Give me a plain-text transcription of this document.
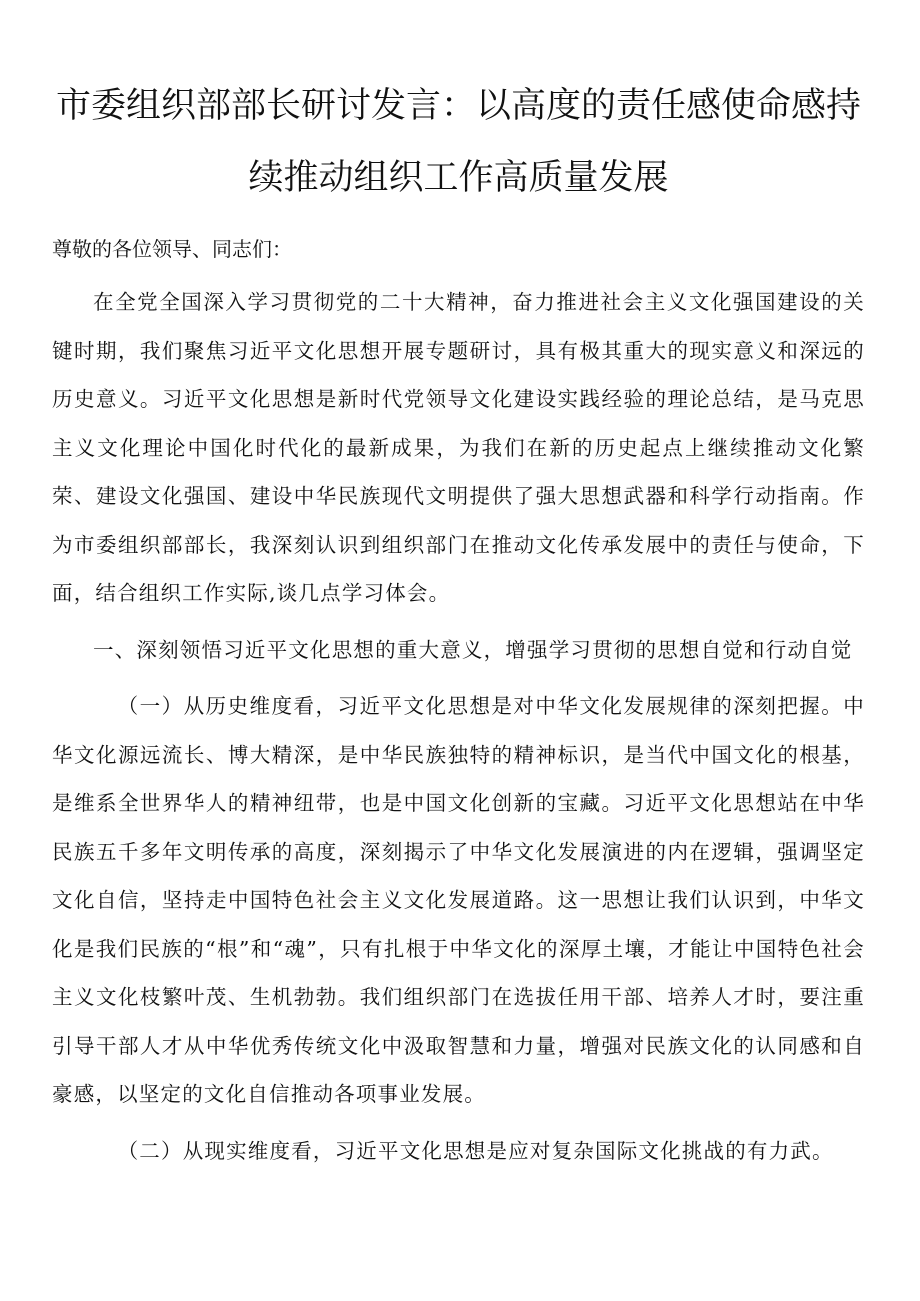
市委组织部部长研讨发言：以高度的责任感使命感持
续推动组织工作高质量发展

尊敬的各位领导、同志们：

在全党全国深入学习贯彻党的二十大精神，奋力推进社会主义文化强国建设的关键时期，我们聚焦习近平文化思想开展专题研讨，具有极其重大的现实意义和深远的历史意义。习近平文化思想是新时代党领导文化建设实践经验的理论总结，是马克思主义文化理论中国化时代化的最新成果，为我们在新的历史起点上继续推动文化繁荣、建设文化强国、建设中华民族现代文明提供了强大思想武器和科学行动指南。作为市委组织部部长，我深刻认识到组织部门在推动文化传承发展中的责任与使命，下面，结合组织工作实际,谈几点学习体会。

一、深刻领悟习近平文化思想的重大意义，增强学习贯彻的思想自觉和行动自觉

（一）从历史维度看，习近平文化思想是对中华文化发展规律的深刻把握。中华文化源远流长、博大精深，是中华民族独特的精神标识，是当代中国文化的根基，是维系全世界华人的精神纽带，也是中国文化创新的宝藏。习近平文化思想站在中华民族五千多年文明传承的高度，深刻揭示了中华文化发展演进的内在逻辑，强调坚定文化自信，坚持走中国特色社会主义文化发展道路。这一思想让我们认识到，中华文化是我们民族的“根”和“魂”，只有扎根于中华文化的深厚土壤，才能让中国特色社会主义文化枝繁叶茂、生机勃勃。我们组织部门在选拔任用干部、培养人才时，要注重引导干部人才从中华优秀传统文化中汲取智慧和力量，增强对民族文化的认同感和自豪感，以坚定的文化自信推动各项事业发展。

（二）从现实维度看，习近平文化思想是应对复杂国际文化挑战的有力武。
